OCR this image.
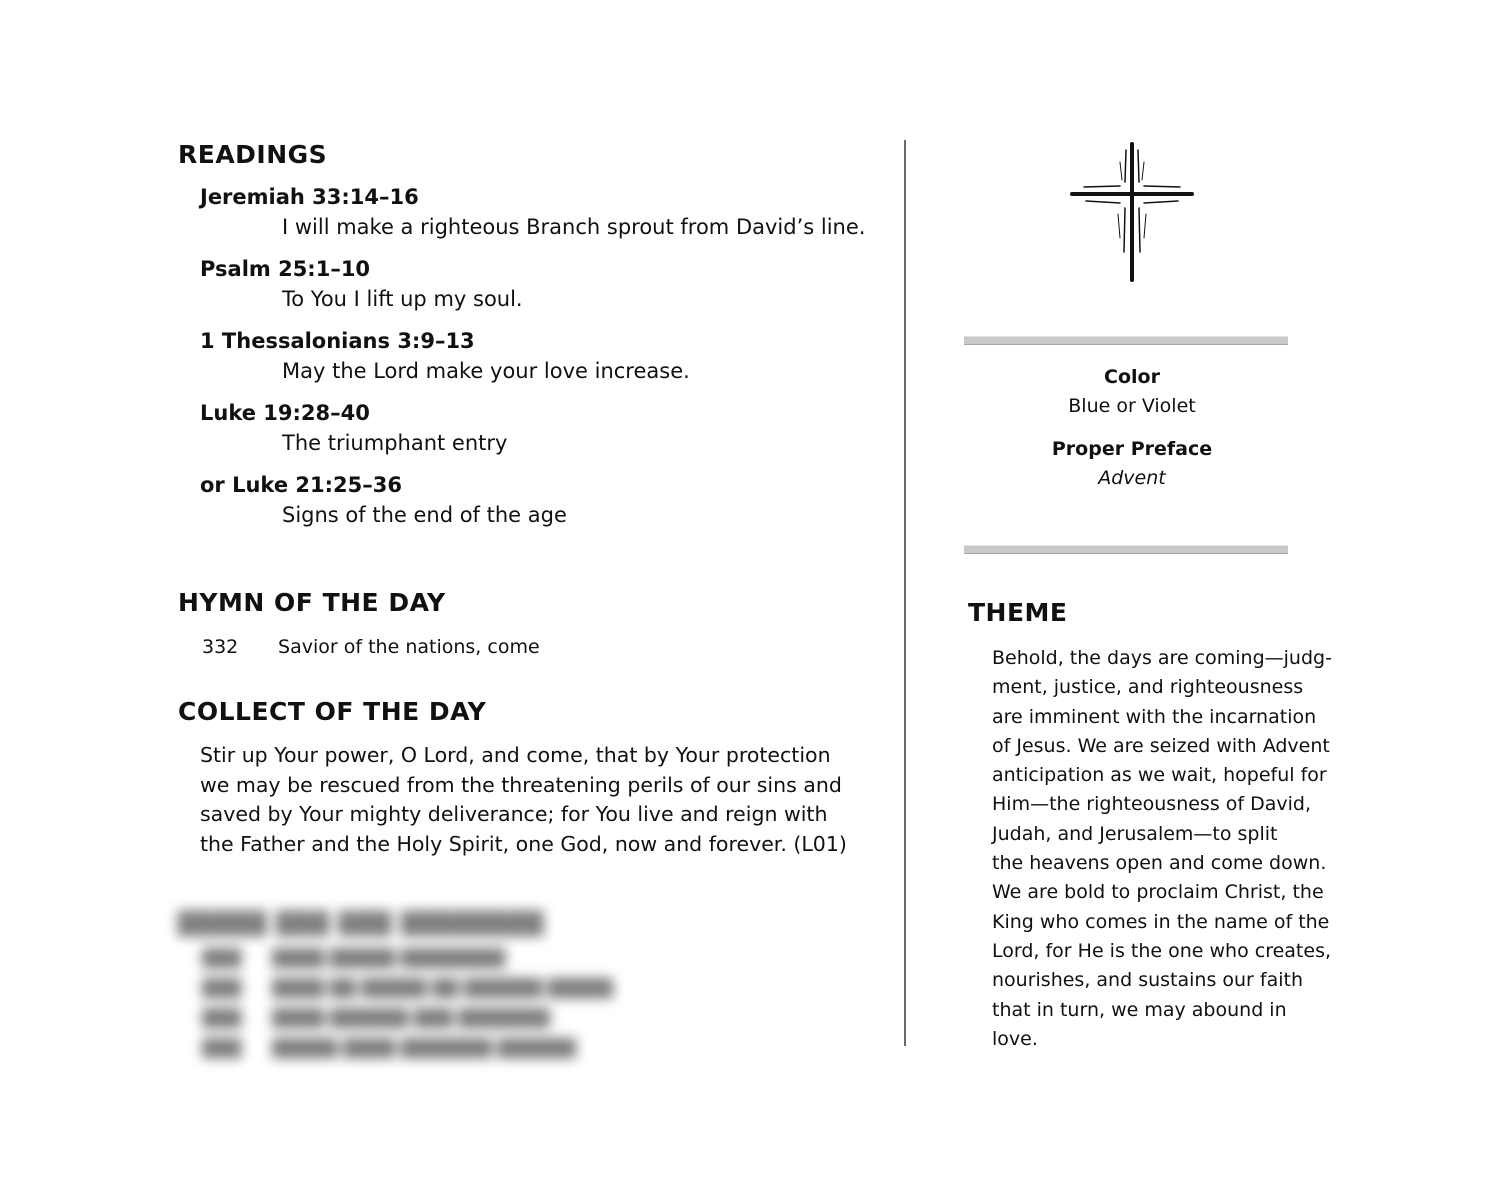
READINGS
Jeremiah 33:14–16
I will make a righteous Branch sprout from David’s line.
Psalm 25:1–10
To You I lift up my soul.
1 Thessalonians 3:9–13
May the Lord make your love increase.
Luke 19:28–40
The triumphant entry
or Luke 21:25–36
Signs of the end of the age
HYMN OF THE DAY
332 Savior of the nations, come
COLLECT OF THE DAY
Stir up Your power, O Lord, and come, that by Your protection we may be rescued from the threatening perils of our sins and saved by Your mighty deliverance; for You live and reign with the Father and the Holy Spirit, one God, now and forever. (L01)
█████ ███ ███ ████████
███ ████ █████ ████████
███ ████ ██ █████ ██ ██████ █████
███ ████ ██████ ███ ███████
███ █████ ████ ███████ ██████
Color
Blue or Violet
Proper Preface
Advent
THEME
Behold, the days are coming—judg-
ment, justice, and righteousness
are imminent with the incarnation
of Jesus. We are seized with Advent
anticipation as we wait, hopeful for
Him—the righteousness of David,
Judah, and Jerusalem—to split
the heavens open and come down.
We are bold to proclaim Christ, the
King who comes in the name of the
Lord, for He is the one who creates,
nourishes, and sustains our faith
that in turn, we may abound in
love.
